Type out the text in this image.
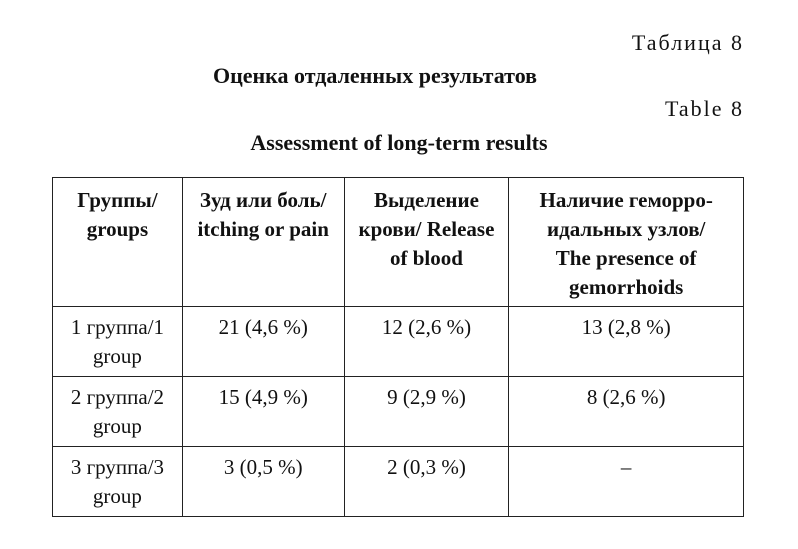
Таблица 8
Оценка отдаленных результатов
Table 8
Assessment of long-term results
Группы/
groups	Зуд или боль/
itching or pain	Выделение
крови/ Release
of blood	Наличие геморро-
идальных узлов/
The presence of
gemorrhoids
1 группа/1
group	21 (4,6 %)	12 (2,6 %)	13 (2,8 %)
2 группа/2
group	15 (4,9 %)	9 (2,9 %)	8 (2,6 %)
3 группа/3
group	3 (0,5 %)	2 (0,3 %)	–
